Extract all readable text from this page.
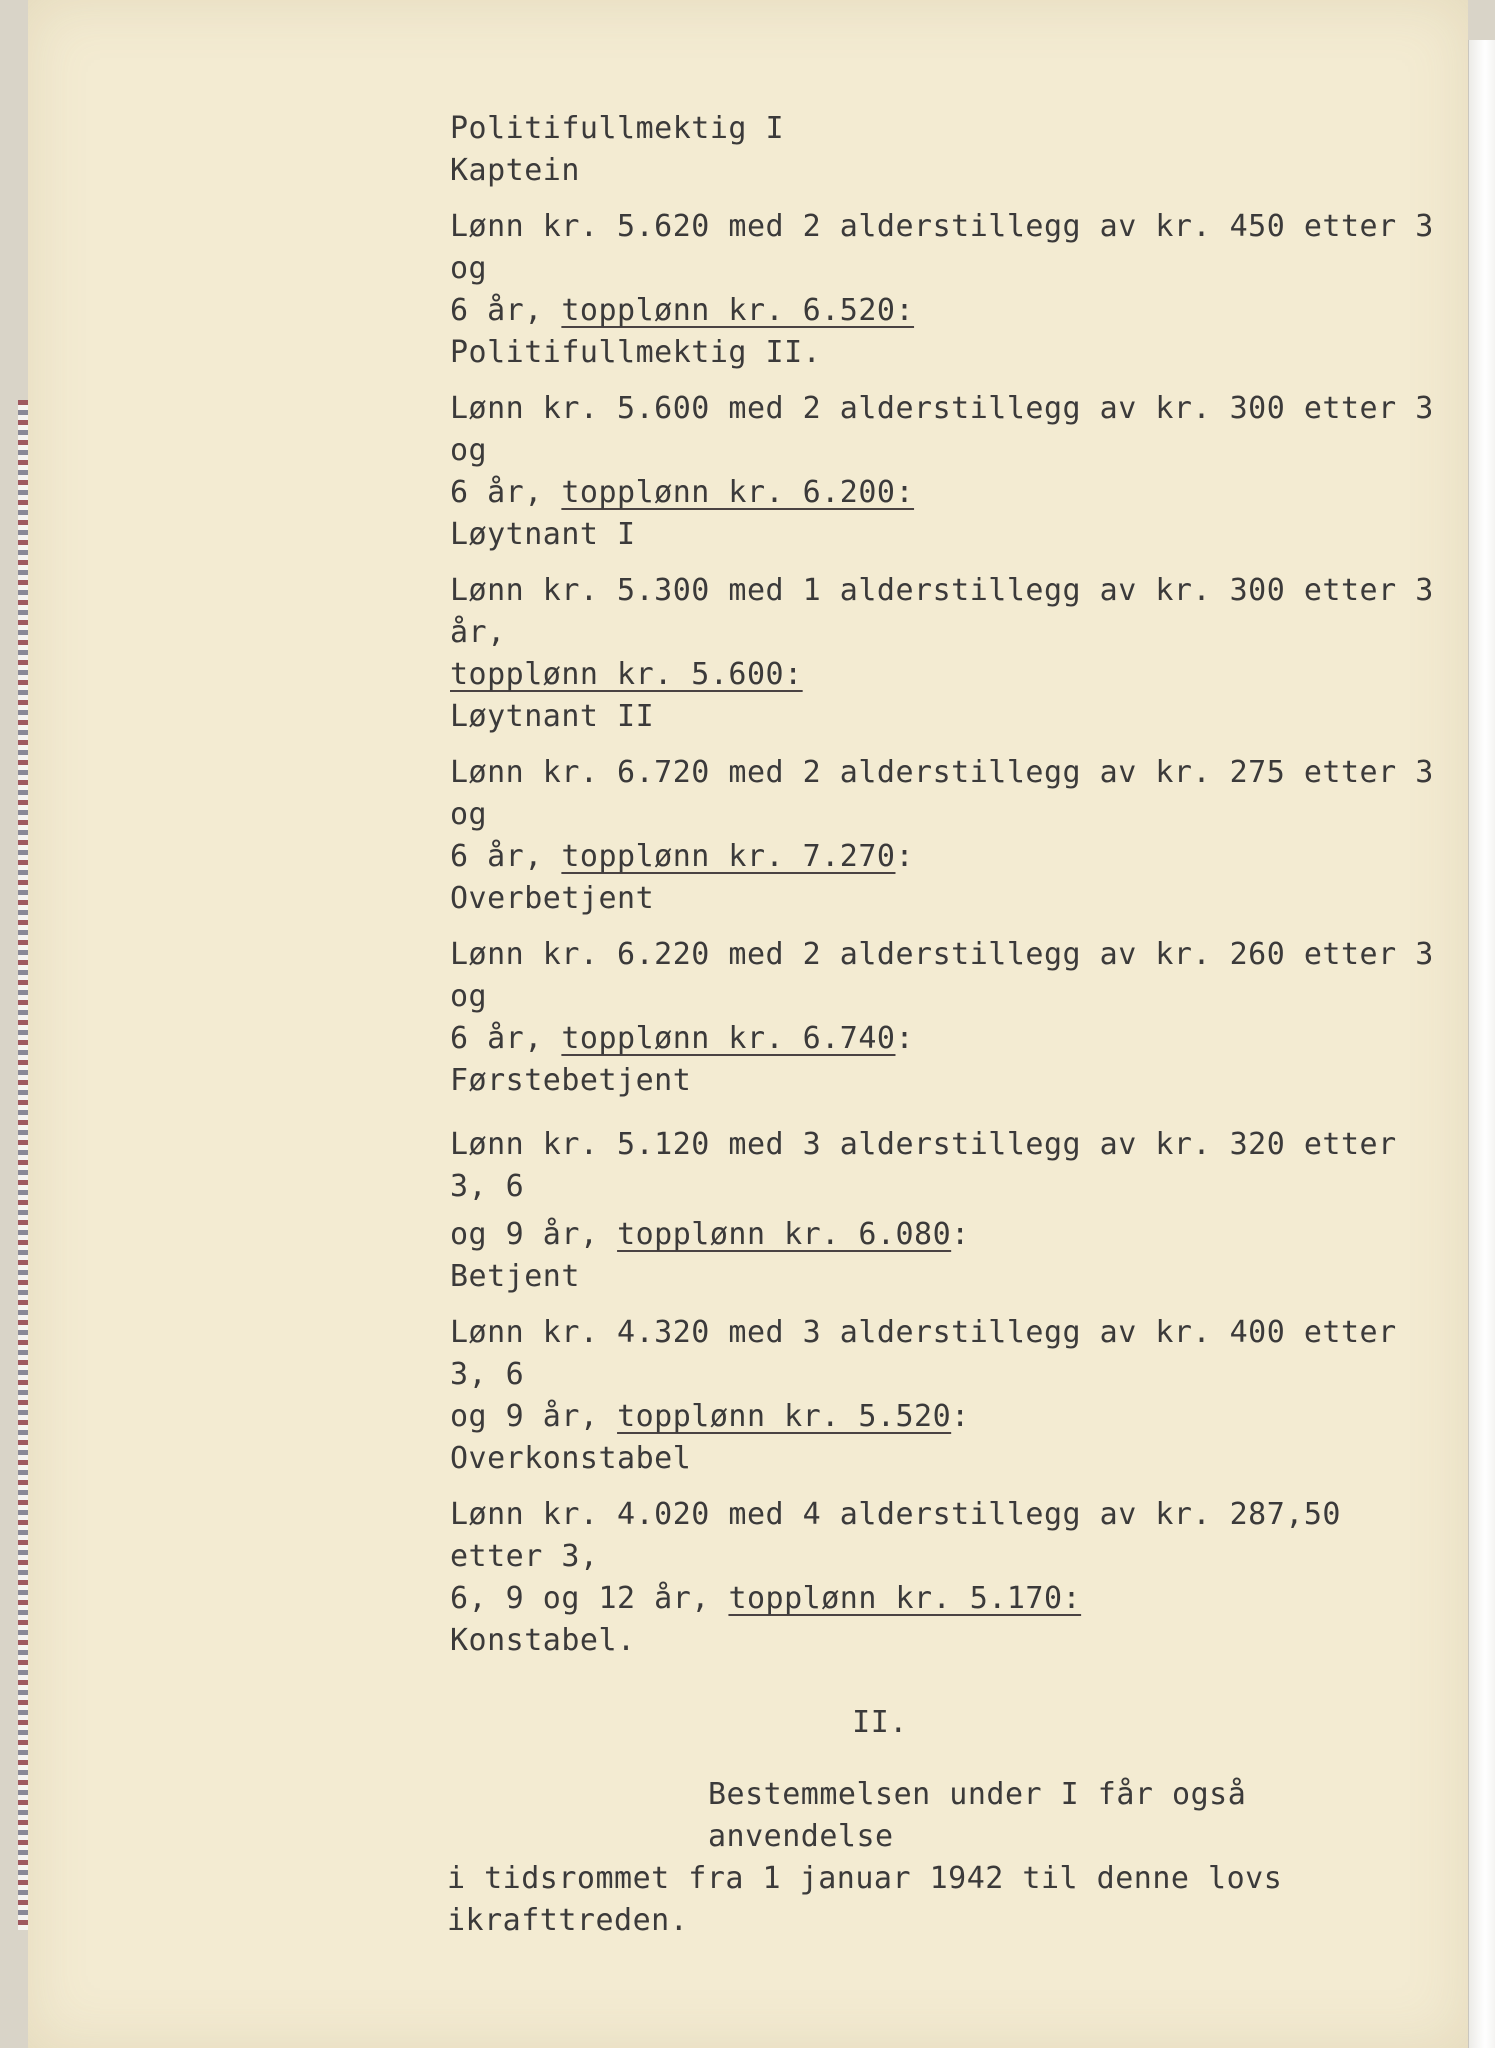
Politifullmektig I

Kaptein

Lønn kr. 5.620 med 2 alderstillegg av kr. 450 etter 3 og

6 år, topplønn kr. 6.520:

Politifullmektig II.

Lønn kr. 5.600 med 2 alderstillegg av kr. 300 etter 3 og

6 år, topplønn kr. 6.200:

Løytnant I

Lønn kr. 5.300 med 1 alderstillegg av kr. 300 etter 3 år,

topplønn kr. 5.600:

Løytnant II

Lønn kr. 6.720 med 2 alderstillegg av kr. 275 etter 3 og

6 år, topplønn kr. 7.270:

Overbetjent

Lønn kr. 6.220 med 2 alderstillegg av kr. 260 etter 3 og

6 år, topplønn kr. 6.740:

Førstebetjent

Lønn kr. 5.120 med 3 alderstillegg av kr. 320 etter 3, 6

og 9 år, topplønn kr. 6.080:

Betjent

Lønn kr. 4.320 med 3 alderstillegg av kr. 400 etter 3, 6

og 9 år, topplønn kr. 5.520:

Overkonstabel

Lønn kr. 4.020 med 4 alderstillegg av kr. 287,50 etter 3,

6, 9 og 12 år, topplønn kr. 5.170:

Konstabel.

II.

Bestemmelsen under I får også anvendelse

i tidsrommet fra 1 januar 1942 til denne lovs ikrafttreden.
